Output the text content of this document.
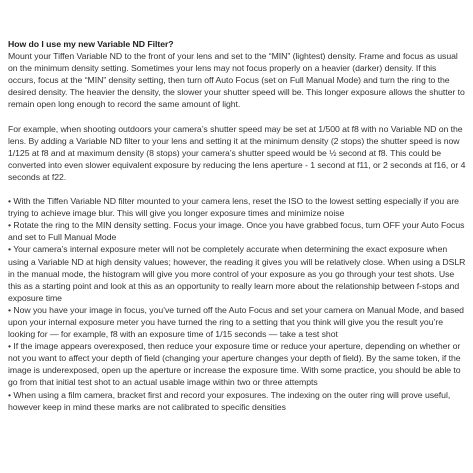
How do I use my new Variable ND Filter?

Mount your Tiffen Variable ND to the front of your lens and set to the “MIN” (lightest) density. Frame and focus as usual on the minimum density setting. Sometimes your lens may not focus properly on a heavier (darker) density. If this occurs, focus at the “MIN” density setting, then turn off Auto Focus (set on Full Manual Mode) and turn the ring to the desired density. The heavier the density, the slower your shutter speed will be. This longer exposure allows the shutter to remain open long enough to record the same amount of light.

For example, when shooting outdoors your camera’s shutter speed may be set at 1/500 at f8 with no Variable ND on the lens. By adding a Variable ND filter to your lens and setting it at the minimum density (2 stops) the shutter speed is now 1/125 at f8 and at maximum density (8 stops) your camera’s shutter speed would be ½ second at f8. This could be converted into even slower equivalent exposure by reducing the lens aperture - 1 second at f11, or 2 seconds at f16, or 4 seconds at f22.

• With the Tiffen Variable ND filter mounted to your camera lens, reset the ISO to the lowest setting especially if you are trying to achieve image blur. This will give you longer exposure times and minimize noise

• Rotate the ring to the MIN density setting. Focus your image. Once you have grabbed focus, turn OFF your Auto Focus and set to Full Manual Mode

• Your camera’s internal exposure meter will not be completely accurate when determining the exact exposure when using a Variable ND at high density values; however, the reading it gives you will be relatively close. When using a DSLR in the manual mode, the histogram will give you more control of your exposure as you go through your test shots. Use this as a starting point and look at this as an opportunity to really learn more about the relationship between f-stops and exposure time

• Now you have your image in focus, you’ve turned off the Auto Focus and set your camera on Manual Mode, and based upon your internal exposure meter you have turned the ring to a setting that you think will give you the result you’re looking for — for example, f8 with an exposure time of 1/15 seconds — take a test shot

• If the image appears overexposed, then reduce your exposure time or reduce your aperture, depending on whether or not you want to affect your depth of field (changing your aperture changes your depth of field). By the same token, if the image is underexposed, open up the aperture or increase the exposure time. With some practice, you should be able to go from that initial test shot to an actual usable image within two or three attempts

• When using a film camera, bracket first and record your exposures. The indexing on the outer ring will prove useful, however keep in mind these marks are not calibrated to specific densities
